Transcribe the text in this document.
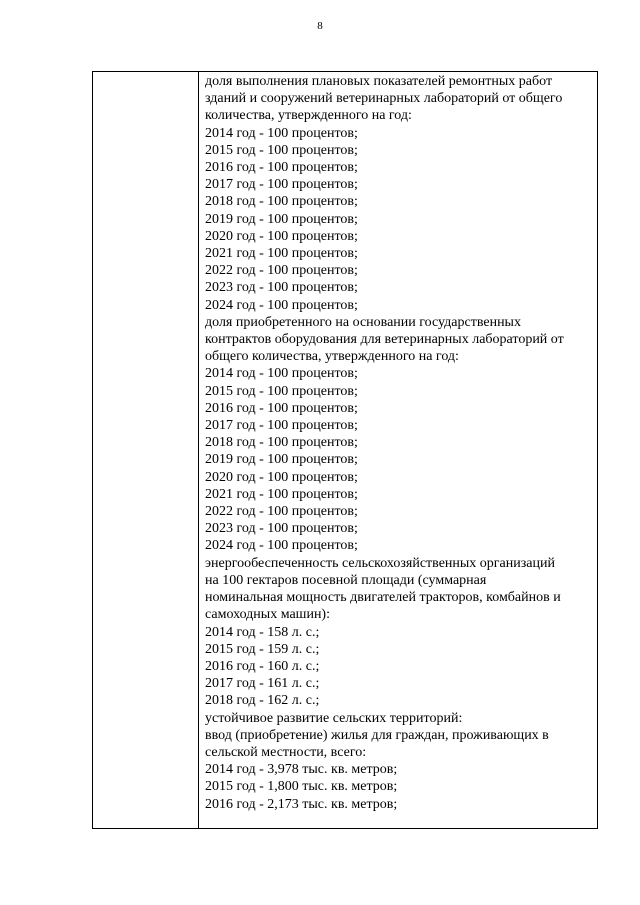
8
доля выполнения плановых показателей ремонтных работ
зданий и сооружений ветеринарных лабораторий от общего
количества, утвержденного на год:
2014 год - 100 процентов;
2015 год - 100 процентов;
2016 год - 100 процентов;
2017 год - 100 процентов;
2018 год - 100 процентов;
2019 год - 100 процентов;
2020 год - 100 процентов;
2021 год - 100 процентов;
2022 год - 100 процентов;
2023 год - 100 процентов;
2024 год - 100 процентов;
доля приобретенного на основании государственных
контрактов оборудования для ветеринарных лабораторий от
общего количества, утвержденного на год:
2014 год - 100 процентов;
2015 год - 100 процентов;
2016 год - 100 процентов;
2017 год - 100 процентов;
2018 год - 100 процентов;
2019 год - 100 процентов;
2020 год - 100 процентов;
2021 год - 100 процентов;
2022 год - 100 процентов;
2023 год - 100 процентов;
2024 год - 100 процентов;
энергообеспеченность сельскохозяйственных организаций
на 100 гектаров посевной площади (суммарная
номинальная мощность двигателей тракторов, комбайнов и
самоходных машин):
2014 год - 158 л. с.;
2015 год - 159 л. с.;
2016 год - 160 л. с.;
2017 год - 161 л. с.;
2018 год - 162 л. с.;
устойчивое развитие сельских территорий:
ввод (приобретение) жилья для граждан, проживающих в
сельской местности, всего:
2014 год - 3,978 тыс. кв. метров;
2015 год - 1,800 тыс. кв. метров;
2016 год - 2,173 тыс. кв. метров;
